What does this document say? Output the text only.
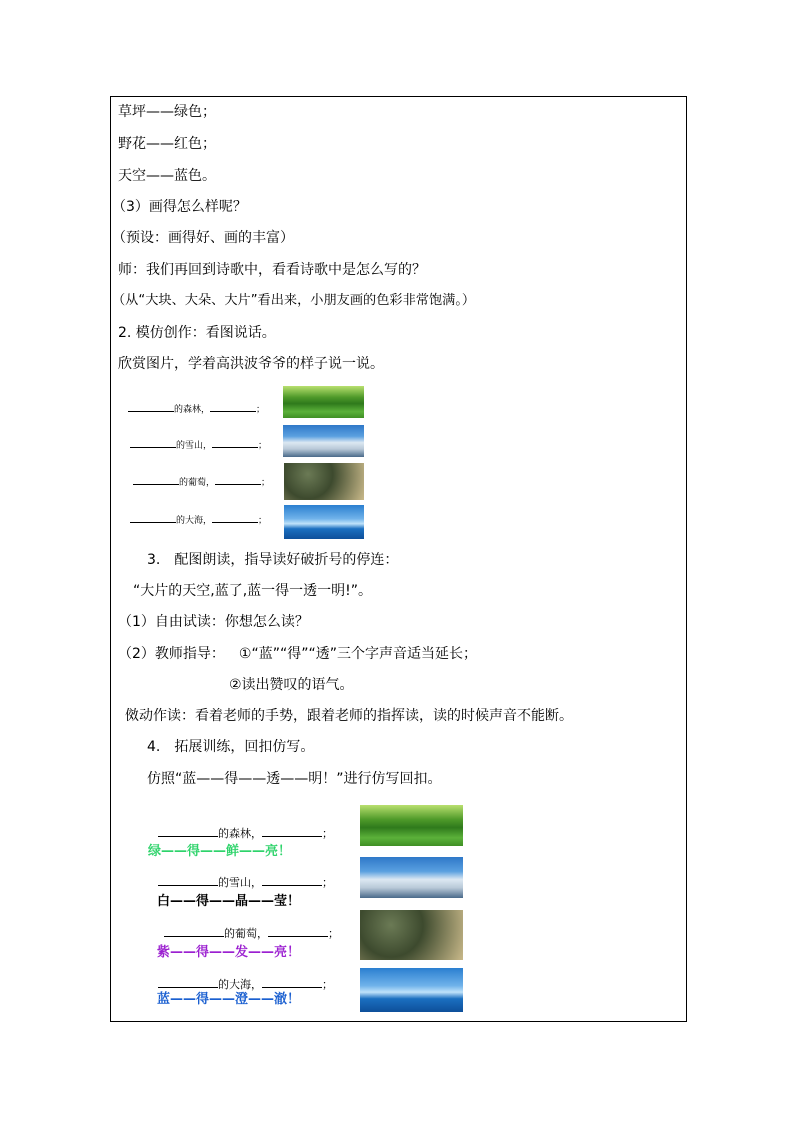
草坪——绿色；
野花——红色；
天空——蓝色。
（3）画得怎么样呢？
（预设：画得好、画的丰富）
师：我们再回到诗歌中，看看诗歌中是怎么写的？
（从“大块、大朵、大片”看出来，小朋友画的色彩非常饱满。）
2. 模仿创作：看图说话。
欣赏图片，学着高洪波爷爷的样子说一说。
的森林，	；
的雪山，	；
的葡萄，	；
的大海，	；
3.　配图朗读，指导读好破折号的停连：
“大片的天空,蓝了,蓝一得一透一明!”。
（1）自由试读：你想怎么读？
（2）教师指导： ①“蓝”“得”“透”三个字声音适当延长；
②读出赞叹的语气。
傚动作读：看着老师的手势，跟着老师的指挥读，读的时候声音不能断。
4.　拓展训练，回扣仿写。
仿照“蓝——得——透——明！”进行仿写回扣。
的森林，	；
绿——得——鲜——亮！
的雪山，	；
白——得——晶——莹！
的葡萄，	；
紫——得——发——亮！
的大海，	；
蓝——得——澄——澈！
